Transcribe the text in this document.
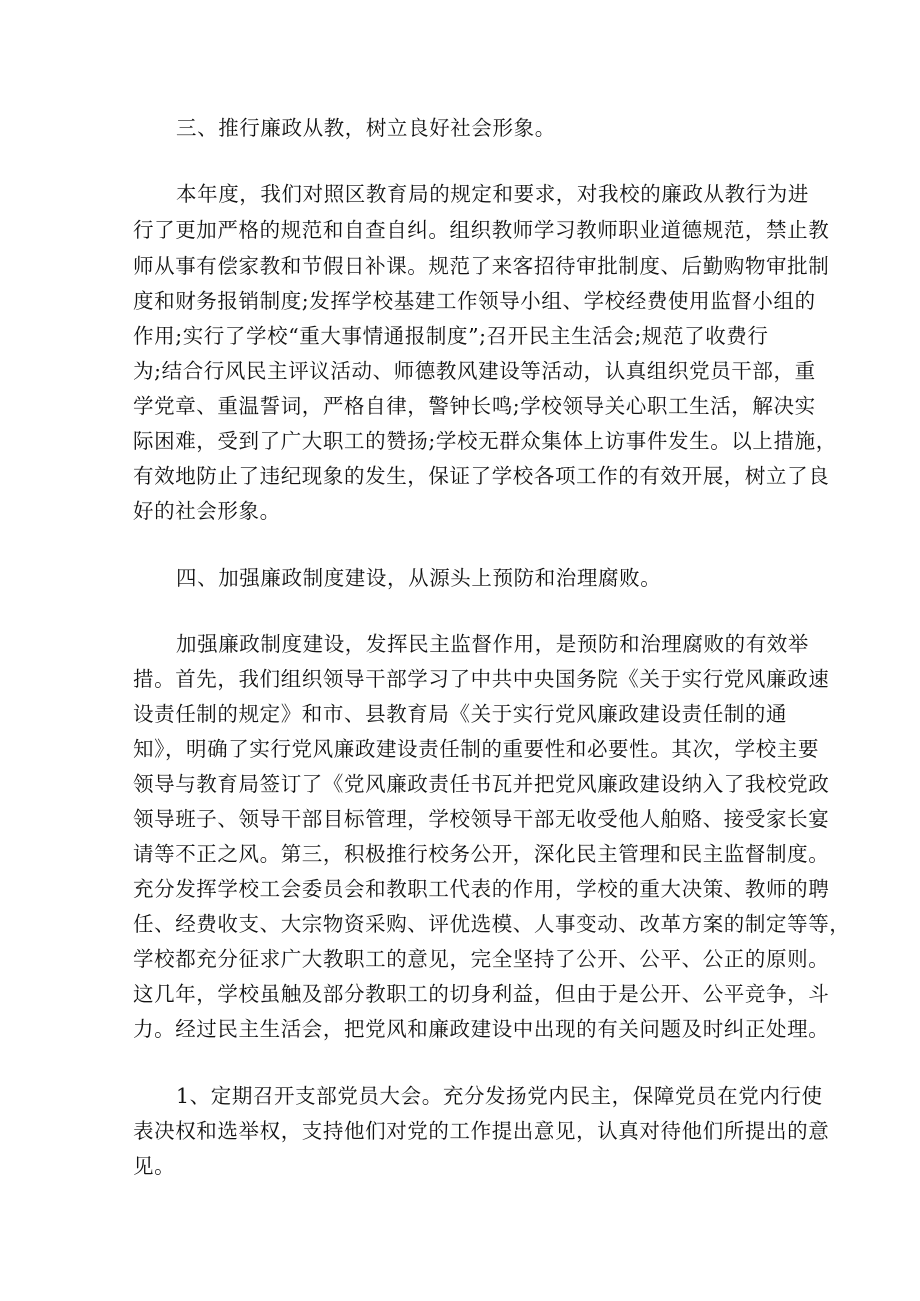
三、推行廉政从教，树立良好社会形象。

本年度，我们对照区教育局的规定和要求，对我校的廉政从教行为进

行了更加严格的规范和自查自纠。组织教师学习教师职业道德规范，禁止教

师从事有偿家教和节假日补课。规范了来客招待审批制度、后勤购物审批制

度和财务报销制度;发挥学校基建工作领导小组、学校经费使用监督小组的

作用;实行了学校“重大事情通报制度”;召开民主生活会;规范了收费行

为;结合行风民主评议活动、师德教风建设等活动，认真组织党员干部，重

学党章、重温誓词，严格自律，警钟长鸣;学校领导关心职工生活，解决实

际困难，受到了广大职工的赞扬;学校无群众集体上访事件发生。以上措施，

有效地防止了违纪现象的发生，保证了学校各项工作的有效开展，树立了良

好的社会形象。

四、加强廉政制度建设，从源头上预防和治理腐败。

加强廉政制度建设，发挥民主监督作用，是预防和治理腐败的有效举

措。首先，我们组织领导干部学习了中共中央国务院《关于实行党风廉政速

设责任制的规定》和市、县教育局《关于实行党风廉政建设责任制的通

知》，明确了实行党风廉政建设责任制的重要性和必要性。其次，学校主要

领导与教育局签订了《党风廉政责任书瓦并把党风廉政建设纳入了我校党政

领导班子、领导干部目标管理，学校领导干部无收受他人舶赂、接受家长宴

请等不正之风。第三，积极推行校务公开，深化民主管理和民主监督制度。

充分发挥学校工会委员会和教职工代表的作用，学校的重大决策、教师的聘

任、经费收支、大宗物资采购、评优选模、人事变动、改革方案的制定等等，

学校都充分征求广大教职工的意见，完全坚持了公开、公平、公正的原则。

这几年，学校虽触及部分教职工的切身利益，但由于是公开、公平竞争，斗

力。经过民主生活会，把党风和廉政建设中出现的有关问题及时纠正处理。

1、定期召开支部党员大会。充分发扬党内民主，保障党员在党内行使

表决权和选举权，支持他们对党的工作提出意见，认真对待他们所提出的意

见。
